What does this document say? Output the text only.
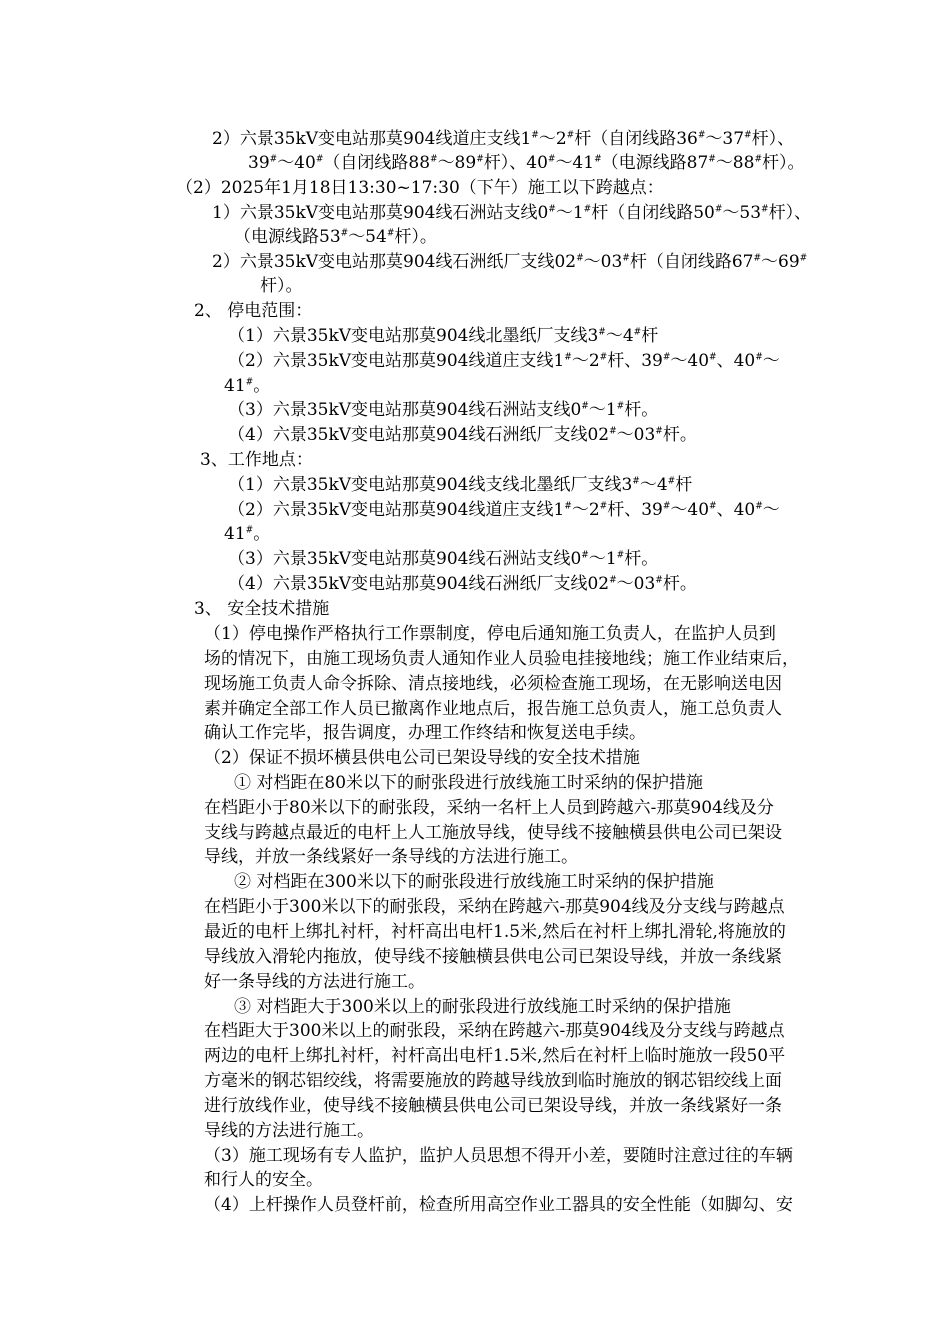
2）六景35kV变电站那莫904线道庄支线1#～2#杆（自闭线路36#～37#杆）、
39#～40#（自闭线路88#～89#杆）、40#～41#（电源线路87#～88#杆）。
（2）2025年1月18日13:30~17:30（下午）施工以下跨越点：
1）六景35kV变电站那莫904线石洲站支线0#～1#杆（自闭线路50#～53#杆）、
（电源线路53#～54#杆）。
2）六景35kV变电站那莫904线石洲纸厂支线02#～03#杆（自闭线路67#～69#
杆）。
2、 停电范围：
（1）六景35kV变电站那莫904线北墨纸厂支线3#～4#杆
（2）六景35kV变电站那莫904线道庄支线1#～2#杆、39#～40#、40#～
41#。
（3）六景35kV变电站那莫904线石洲站支线0#～1#杆。
（4）六景35kV变电站那莫904线石洲纸厂支线02#～03#杆。
3、工作地点：
（1）六景35kV变电站那莫904线支线北墨纸厂支线3#～4#杆
（2）六景35kV变电站那莫904线道庄支线1#～2#杆、39#～40#、40#～
41#。
（3）六景35kV变电站那莫904线石洲站支线0#～1#杆。
（4）六景35kV变电站那莫904线石洲纸厂支线02#～03#杆。
3、 安全技术措施
（1）停电操作严格执行工作票制度，停电后通知施工负责人，在监护人员到
场的情况下，由施工现场负责人通知作业人员验电挂接地线；施工作业结束后，
现场施工负责人命令拆除、清点接地线，必须检查施工现场，在无影响送电因
素并确定全部工作人员已撤离作业地点后，报告施工总负责人，施工总负责人
确认工作完毕，报告调度，办理工作终结和恢复送电手续。
（2）保证不损坏横县供电公司已架设导线的安全技术措施
① 对档距在80米以下的耐张段进行放线施工时采纳的保护措施
在档距小于80米以下的耐张段，采纳一名杆上人员到跨越六-那莫904线及分
支线与跨越点最近的电杆上人工施放导线，使导线不接触横县供电公司已架设
导线，并放一条线紧好一条导线的方法进行施工。
② 对档距在300米以下的耐张段进行放线施工时采纳的保护措施
在档距小于300米以下的耐张段，采纳在跨越六-那莫904线及分支线与跨越点
最近的电杆上绑扎衬杆，衬杆高出电杆1.5米,然后在衬杆上绑扎滑轮,将施放的
导线放入滑轮内拖放，使导线不接触横县供电公司已架设导线，并放一条线紧
好一条导线的方法进行施工。
③ 对档距大于300米以上的耐张段进行放线施工时采纳的保护措施
在档距大于300米以上的耐张段，采纳在跨越六-那莫904线及分支线与跨越点
两边的电杆上绑扎衬杆，衬杆高出电杆1.5米,然后在衬杆上临时施放一段50平
方毫米的钢芯铝绞线，将需要施放的跨越导线放到临时施放的钢芯铝绞线上面
进行放线作业，使导线不接触横县供电公司已架设导线，并放一条线紧好一条
导线的方法进行施工。
（3）施工现场有专人监护，监护人员思想不得开小差，要随时注意过往的车辆
和行人的安全。
（4）上杆操作人员登杆前，检查所用高空作业工器具的安全性能（如脚勾、安
